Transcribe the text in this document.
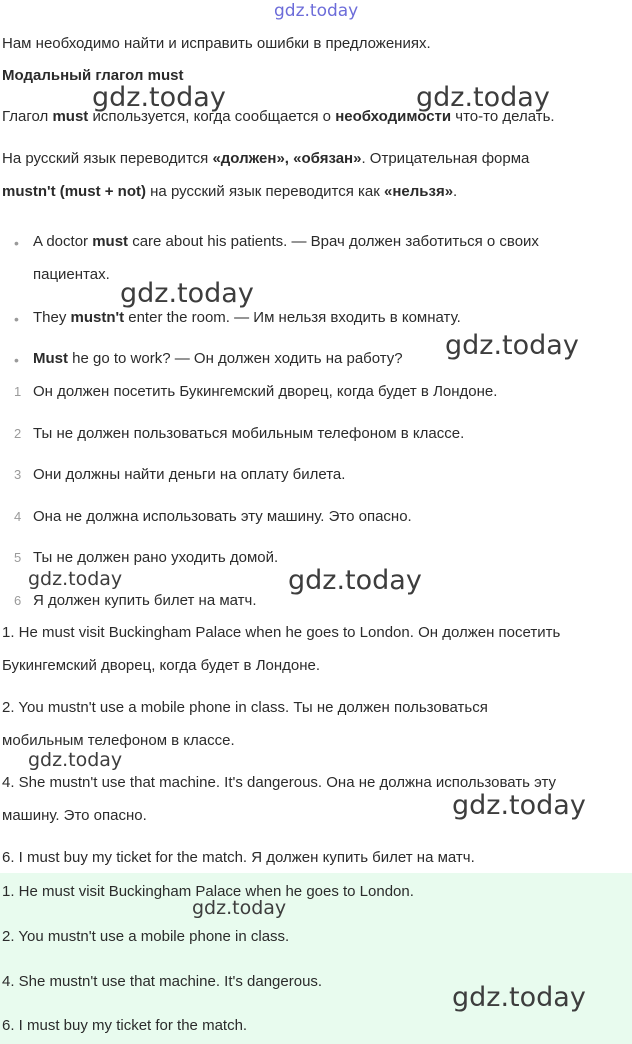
gdz.today
Нам необходимо найти и исправить ошибки в предложениях.
Модальный глагол must
Глагол must используется, когда сообщается о необходимости что-то делать.
На русский язык переводится «должен», «обязан». Отрицательная форма
mustn't (must + not) на русский язык переводится как «нельзя».
• A doctor must care about his patients. — Врач должен заботиться о своих
пациентах.
• They mustn't enter the room. — Им нельзя входить в комнату.
• Must he go to work? — Он должен ходить на работу?
1 Он должен посетить Букингемский дворец, когда будет в Лондоне.
2 Ты не должен пользоваться мобильным телефоном в классе.
3 Они должны найти деньги на оплату билета.
4 Она не должна использовать эту машину. Это опасно.
5 Ты не должен рано уходить домой.
6 Я должен купить билет на матч.
1. He must visit Buckingham Palace when he goes to London. Он должен посетить
Букингемский дворец, когда будет в Лондоне.
2. You mustn't use a mobile phone in class. Ты не должен пользоваться
мобильным телефоном в классе.
4. She mustn't use that machine. It's dangerous. Она не должна использовать эту
машину. Это опасно.
6. I must buy my ticket for the match. Я должен купить билет на матч.
1. He must visit Buckingham Palace when he goes to London.
2. You mustn't use a mobile phone in class.
4. She mustn't use that machine. It's dangerous.
6. I must buy my ticket for the match.
gdz.today	gdz.today
gdz.today
gdz.today
gdz.today	gdz.today
gdz.today
gdz.today
gdz.today
gdz.today
